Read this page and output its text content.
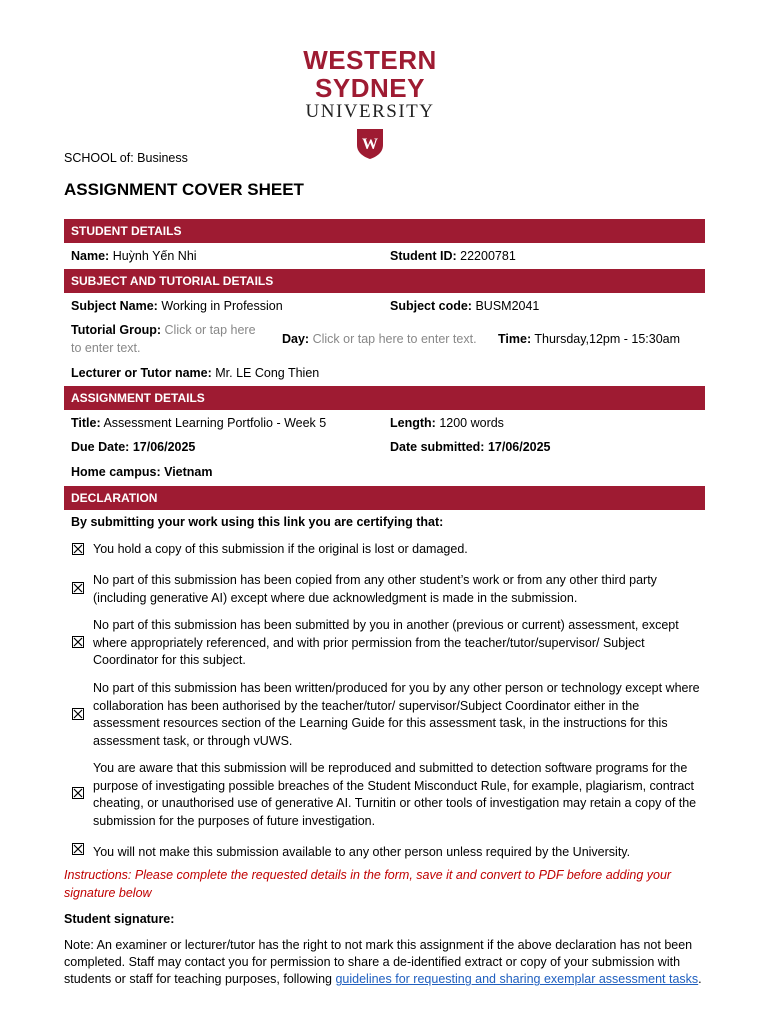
WESTERN SYDNEY
UNIVERSITY
W
SCHOOL of: Business
ASSIGNMENT COVER SHEET
STUDENT DETAILS
Name: Huỳnh Yến Nhi	Student ID: 22200781
SUBJECT AND TUTORIAL DETAILS
Subject Name: Working in Profession	Subject code: BUSM2041
Tutorial Group: Click or tap here
to enter text.
Day: Click or tap here to enter text. Time: Thursday,12pm - 15:30am
Lecturer or Tutor name: Mr. LE Cong Thien
ASSIGNMENT DETAILS
Title: Assessment Learning Portfolio - Week 5	Length: 1200 words
Due Date: 17/06/2025	Date submitted: 17/06/2025
Home campus: Vietnam
DECLARATION
By submitting your work using this link you are certifying that:
You hold a copy of this submission if the original is lost or damaged.
No part of this submission has been copied from any other student’s work or from any other third party (including generative AI) except where due acknowledgment is made in the submission.
No part of this submission has been submitted by you in another (previous or current) assessment, except where appropriately referenced, and with prior permission from the teacher/tutor/supervisor/ Subject Coordinator for this subject.
No part of this submission has been written/produced for you by any other person or technology except where collaboration has been authorised by the teacher/tutor/ supervisor/Subject Coordinator either in the assessment resources section of the Learning Guide for this assessment task, in the instructions for this assessment task, or through vUWS.
You are aware that this submission will be reproduced and submitted to detection software programs for the purpose of investigating possible breaches of the Student Misconduct Rule, for example, plagiarism, contract cheating, or unauthorised use of generative AI. Turnitin or other tools of investigation may retain a copy of the submission for the purposes of future investigation.
You will not make this submission available to any other person unless required by the University.
Instructions: Please complete the requested details in the form, save it and convert to PDF before adding your signature below
Student signature:
Note: An examiner or lecturer/tutor has the right to not mark this assignment if the above declaration has not been completed. Staff may contact you for permission to share a de-identified extract or copy of your submission with students or staff for teaching purposes, following guidelines for requesting and sharing exemplar assessment tasks.
